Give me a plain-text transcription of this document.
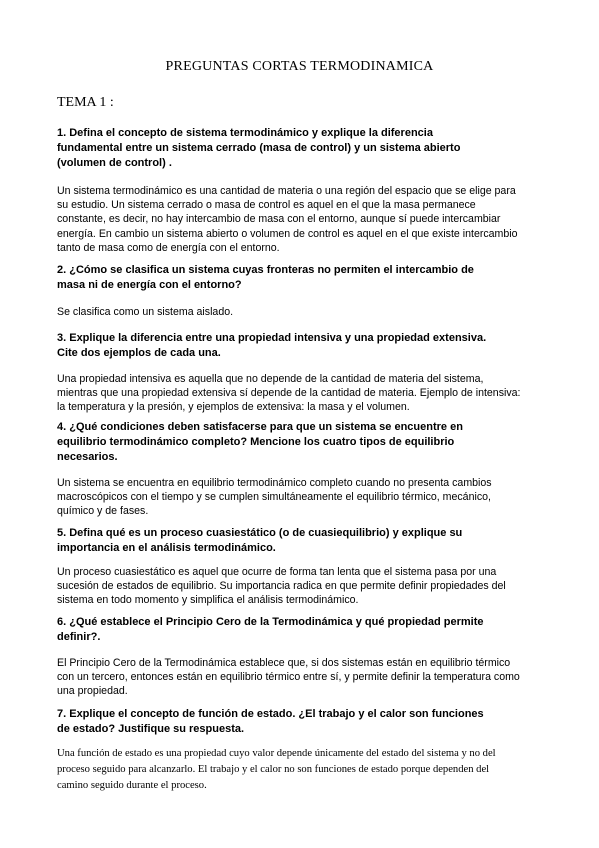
PREGUNTAS CORTAS TERMODINAMICA
TEMA 1 :
1. Defina el concepto de sistema termodinámico y explique la diferencia
fundamental entre un sistema cerrado (masa de control) y un sistema abierto
(volumen de control) .
Un sistema termodinámico es una cantidad de materia o una región del espacio que se elige para
su estudio. Un sistema cerrado o masa de control es aquel en el que la masa permanece
constante, es decir, no hay intercambio de masa con el entorno, aunque sí puede intercambiar
energía. En cambio un sistema abierto o volumen de control es aquel en el que existe intercambio
tanto de masa como de energía con el entorno.
2. ¿Cómo se clasifica un sistema cuyas fronteras no permiten el intercambio de
masa ni de energía con el entorno?
Se clasifica como un sistema aislado.
3. Explique la diferencia entre una propiedad intensiva y una propiedad extensiva.
Cite dos ejemplos de cada una.
Una propiedad intensiva es aquella que no depende de la cantidad de materia del sistema,
mientras que una propiedad extensiva sí depende de la cantidad de materia. Ejemplo de intensiva:
la temperatura y la presión, y ejemplos de extensiva: la masa y el volumen.
4. ¿Qué condiciones deben satisfacerse para que un sistema se encuentre en
equilibrio termodinámico completo? Mencione los cuatro tipos de equilibrio
necesarios.
Un sistema se encuentra en equilibrio termodinámico completo cuando no presenta cambios
macroscópicos con el tiempo y se cumplen simultáneamente el equilibrio térmico, mecánico,
químico y de fases.
5. Defina qué es un proceso cuasiestático (o de cuasiequilibrio) y explique su
importancia en el análisis termodinámico.
Un proceso cuasiestático es aquel que ocurre de forma tan lenta que el sistema pasa por una
sucesión de estados de equilibrio. Su importancia radica en que permite definir propiedades del
sistema en todo momento y simplifica el análisis termodinámico.
6. ¿Qué establece el Principio Cero de la Termodinámica y qué propiedad permite
definir?.
El Principio Cero de la Termodinámica establece que, si dos sistemas están en equilibrio térmico
con un tercero, entonces están en equilibrio térmico entre sí, y permite definir la temperatura como
una propiedad.
7. Explique el concepto de función de estado. ¿El trabajo y el calor son funciones
de estado? Justifique su respuesta.
Una función de estado es una propiedad cuyo valor depende únicamente del estado del sistema y no del
proceso seguido para alcanzarlo. El trabajo y el calor no son funciones de estado porque dependen del
camino seguido durante el proceso.
